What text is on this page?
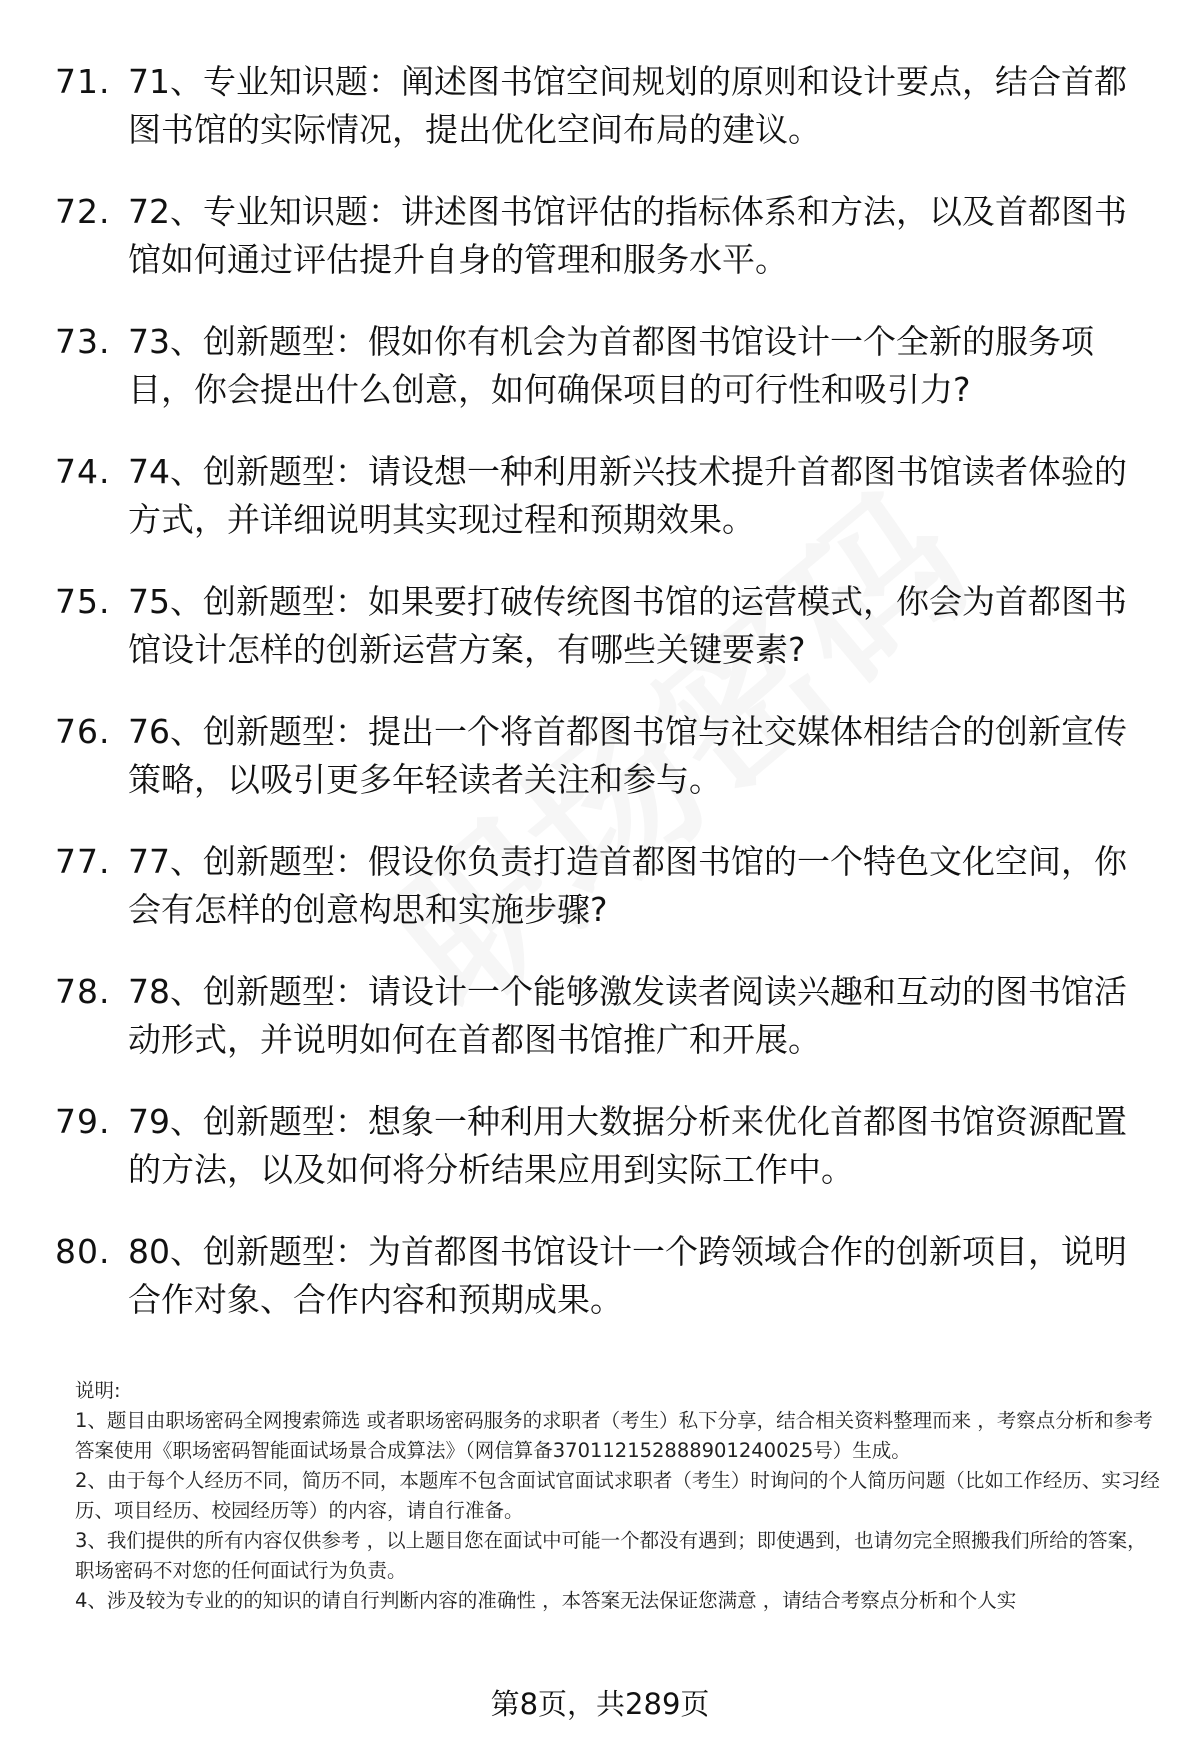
71. 71、专业知识题：阐述图书馆空间规划的原则和设计要点，结合首都图书馆的实际情况，提出优化空间布局的建议。
72. 72、专业知识题：讲述图书馆评估的指标体系和方法，以及首都图书馆如何通过评估提升自身的管理和服务水平。
73. 73、创新题型：假如你有机会为首都图书馆设计一个全新的服务项目，你会提出什么创意，如何确保项目的可行性和吸引力?
74. 74、创新题型：请设想一种利用新兴技术提升首都图书馆读者体验的方式，并详细说明其实现过程和预期效果。
75. 75、创新题型：如果要打破传统图书馆的运营模式，你会为首都图书馆设计怎样的创新运营方案，有哪些关键要素?
76. 76、创新题型：提出一个将首都图书馆与社交媒体相结合的创新宣传策略，以吸引更多年轻读者关注和参与。
77. 77、创新题型：假设你负责打造首都图书馆的一个特色文化空间，你会有怎样的创意构思和实施步骤?
78. 78、创新题型：请设计一个能够激发读者阅读兴趣和互动的图书馆活动形式，并说明如何在首都图书馆推广和开展。
79. 79、创新题型：想象一种利用大数据分析来优化首都图书馆资源配置的方法，以及如何将分析结果应用到实际工作中。
80. 80、创新题型：为首都图书馆设计一个跨领域合作的创新项目，说明合作对象、合作内容和预期成果。

说明:

1、题目由职场密码全网搜索筛选 或者职场密码服务的求职者（考生）私下分享，结合相关资料整理而来 ，考察点分析和参考答案使用《职场密码智能面试场景合成算法》（网信算备370112152888901240025号）生成。

2、由于每个人经历不同，简历不同，本题库不包含面试官面试求职者（考生）时询问的个人简历问题（比如工作经历、实习经历、项目经历、校园经历等）的内容，请自行准备。

3、我们提供的所有内容仅供参考 ，以上题目您在面试中可能一个都没有遇到；即使遇到，也请勿完全照搬我们所给的答案，职场密码不对您的任何面试行为负责。

4、涉及较为专业的的知识的请自行判断内容的准确性 ，本答案无法保证您满意 ，请结合考察点分析和个人实

第8页，共289页
